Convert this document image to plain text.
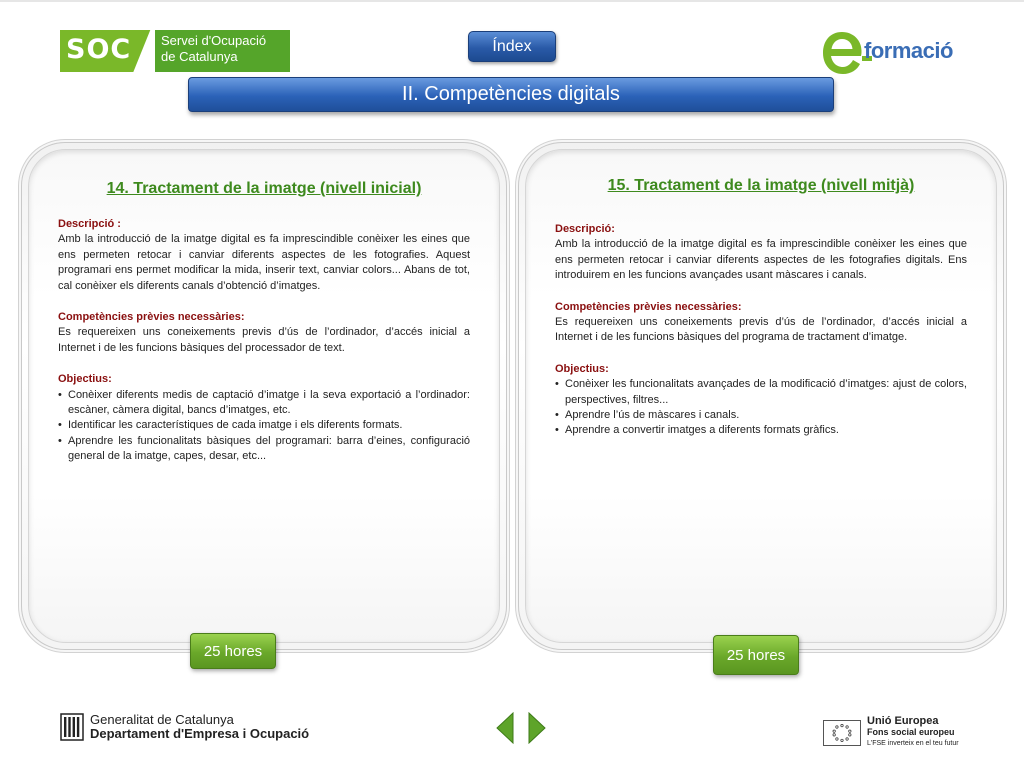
SOC Servei d'Ocupació
de Catalunya
Índex	formació
II. Competències digitals
14. Tractament de la imatge (nivell inicial)
Descripció :
Amb la introducció de la imatge digital es fa imprescindible conèixer les eines que ens permeten retocar i canviar diferents aspectes de les fotografies. Aquest programari ens permet modificar la mida, inserir text, canviar colors... Abans de tot, cal conèixer els diferents canals d’obtenció d’imatges.
Competències prèvies necessàries:
Es requereixen uns coneixements previs d’ús de l’ordinador, d’accés inicial a Internet i de les funcions bàsiques del processador de text.
Objectius:
• Conèixer diferents medis de captació d’imatge i la seva exportació a l’ordinador: escàner, càmera digital, bancs d’imatges, etc.
• Identificar les característiques de cada imatge i els diferents formats.
• Aprendre les funcionalitats bàsiques del programari: barra d’eines, configuració general de la imatge, capes, desar, etc...
15. Tractament de la imatge (nivell mitjà)
Descripció:
Amb la introducció de la imatge digital es fa imprescindible conèixer les eines que ens permeten retocar i canviar diferents aspectes de les fotografies digitals. Ens introduirem en les funcions avançades usant màscares i canals.
Competències prèvies necessàries:
Es requereixen uns coneixements previs d’ús de l’ordinador, d’accés inicial a Internet i de les funcions bàsiques del programa de tractament d’imatge.
Objectius:
• Conèixer les funcionalitats avançades de la modificació d’imatges: ajust de colors, perspectives, filtres...
• Aprendre l’ús de màscares i canals.
• Aprendre a convertir imatges a diferents formats gràfics.
25 hores	25 hores
Generalitat de Catalunya
Departament d'Empresa i Ocupació
Unió Europea
Fons social europeu
L'FSE inverteix en el teu futur
